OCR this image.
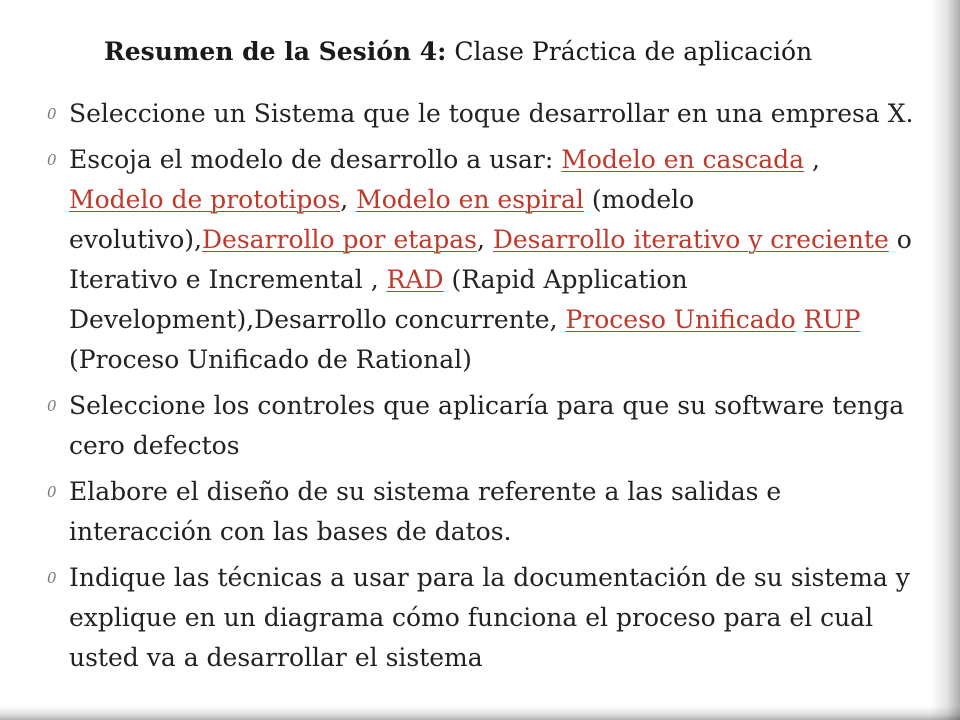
Resumen de la Sesión 4: Clase Práctica de aplicación
0 Seleccione un Sistema que le toque desarrollar en una empresa X.
0 Escoja el modelo de desarrollo a usar: Modelo en cascada , Modelo de prototipos, Modelo en espiral (modelo evolutivo),Desarrollo por etapas, Desarrollo iterativo y creciente o Iterativo e Incremental , RAD (Rapid Application Development),Desarrollo concurrente, Proceso Unificado RUP (Proceso Unificado de Rational)
0 Seleccione los controles que aplicaría para que su software tenga cero defectos
0 Elabore el diseño de su sistema referente a las salidas e interacción con las bases de datos.
0 Indique las técnicas a usar para la documentación de su sistema y explique en un diagrama cómo funciona el proceso para el cual usted va a desarrollar el sistema
